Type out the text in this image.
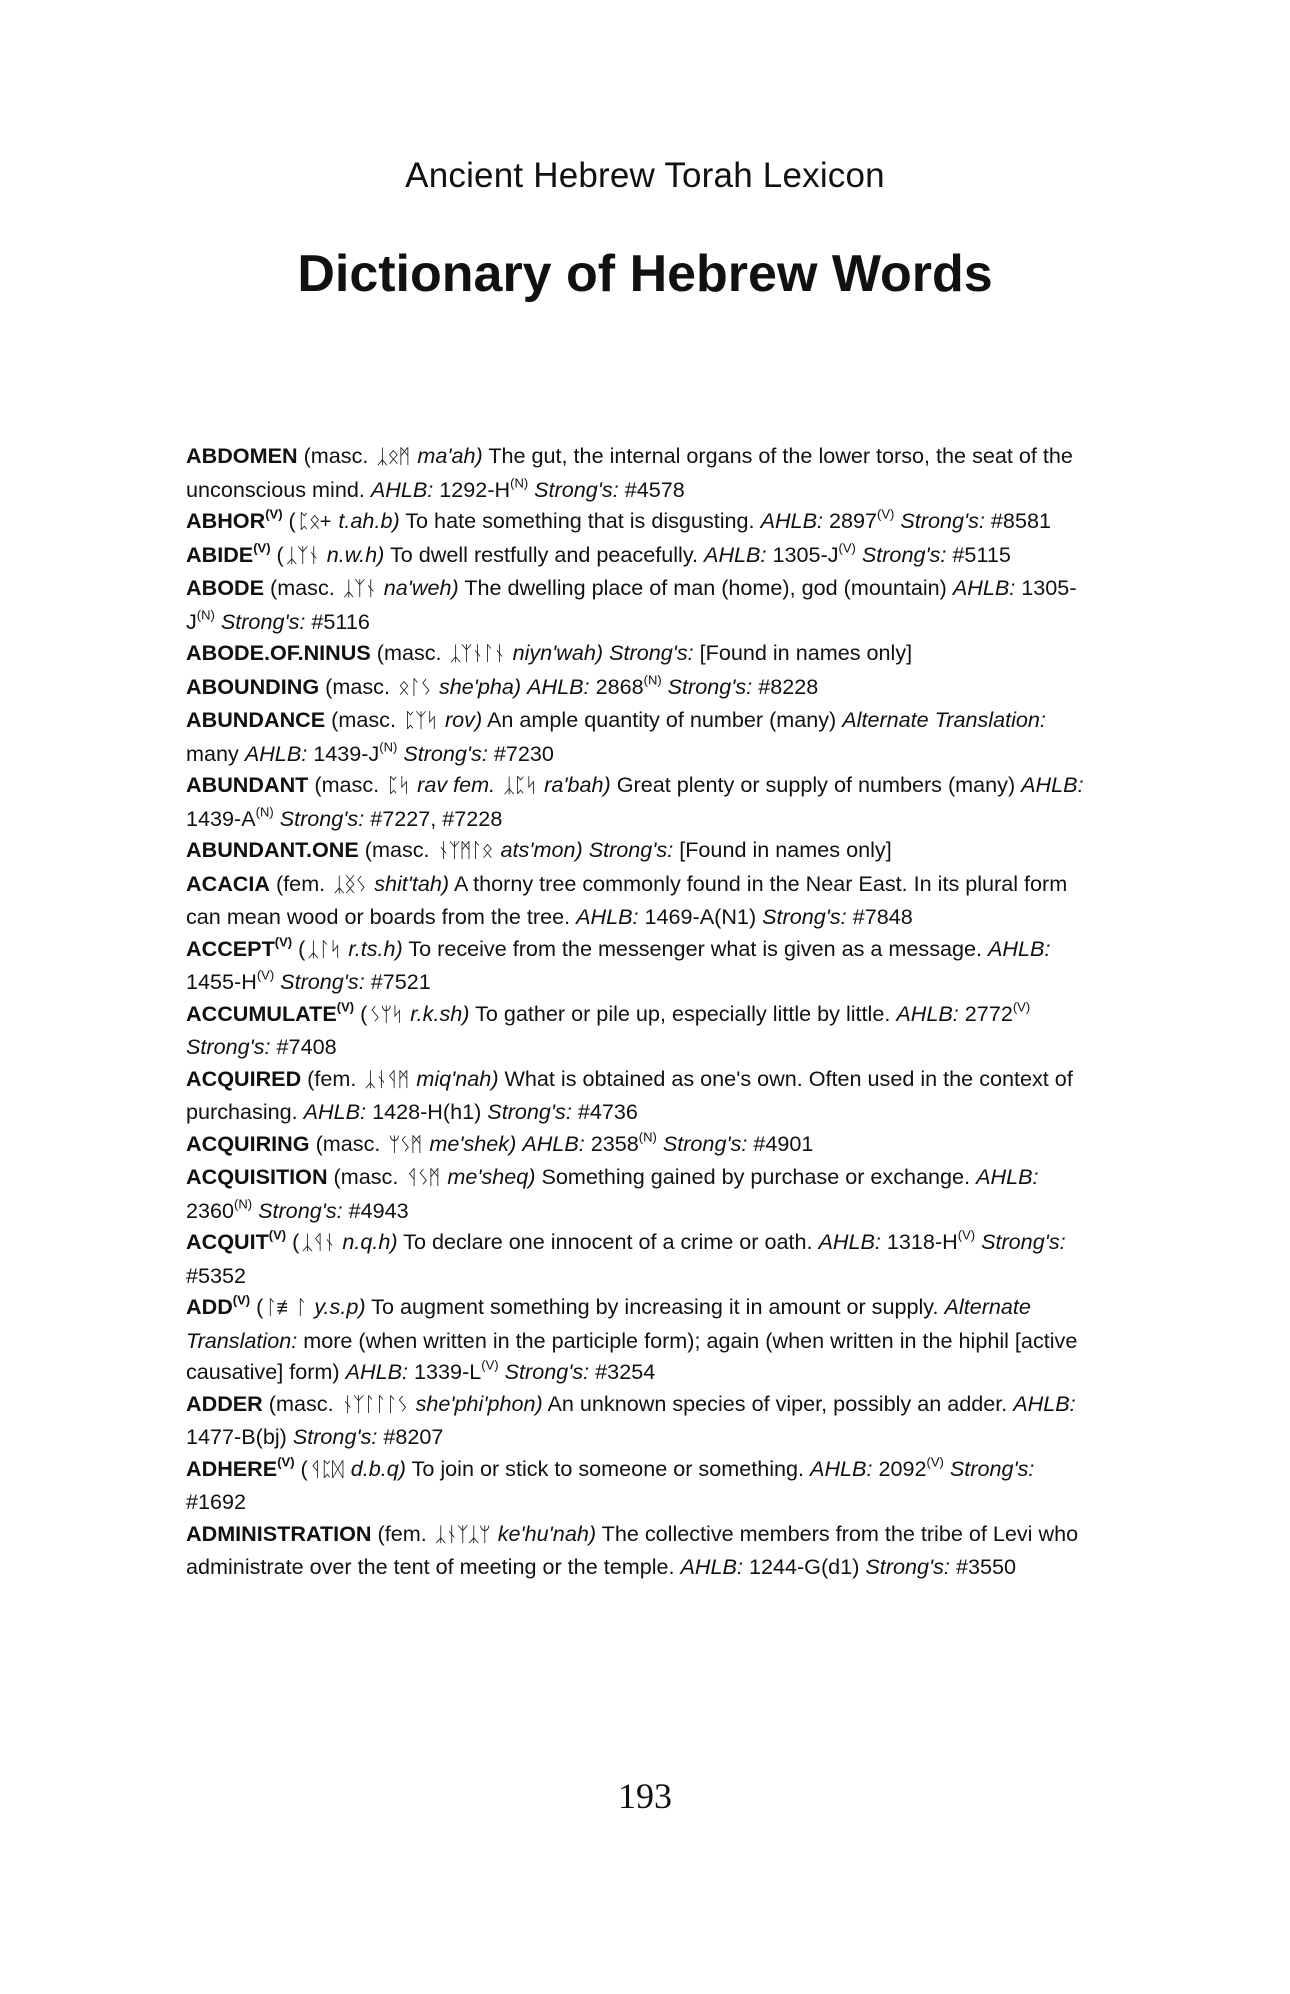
Ancient Hebrew Torah Lexicon
Dictionary of Hebrew Words

ABDOMEN (masc. ᛣᛟᛗ ma'ah) The gut, the internal organs of the lower torso, the seat of the unconscious mind. AHLB: $1292-H^{(N)}$ Strong's: #4578

$ABHOR^{(V)}$ ( ᛈᛟ+ t.ah.b) To hate something that is disgusting. AHLB: $2897^{(V)}$ Strong's: #8581

$ABIDE^{(V)}$ ( ᛣᛉᚾ n.w.h) To dwell restfully and peacefully. AHLB: $1305-J^{(V)}$ Strong's: #5115

ABODE (masc. ᛣᛉᚾ na'weh) The dwelling place of man (home), god (mountain) AHLB: $1305-J^{(N)}$ Strong's: #5116

ABODE.OF.NINUS (masc. ᛣᛉᚾᛚᚾ niyn'wah) Strong's: [Found in names only]

ABOUNDING (masc. ᛟᛚᛊ she'pha) AHLB: $2868^{(N)}$ Strong's: #8228

ABUNDANCE (masc. ᛈᛉᛋ rov) An ample quantity of number (many) Alternate Translation: many AHLB: $1439-J^{(N)}$ Strong's: #7230

ABUNDANT (masc. ᛈᛋ rav fem. ᛣᛈᛋ ra'bah) Great plenty or supply of numbers (many) AHLB: $1439-A^{(N)}$ Strong's: #7227, #7228

ABUNDANT.ONE (masc. ᚾᛉᛗᛚᛟ ats'mon) Strong's: [Found in names only]

ACACIA (fem. ᛣᛝᛊ shit'tah) A thorny tree commonly found in the Near East. In its plural form can mean wood or boards from the tree. AHLB: 1469-A(N1) Strong's: #7848

$ACCEPT^{(V)}$ ( ᛣᛚᛋ r.ts.h) To receive from the messenger what is given as a message. AHLB: $1455-H^{(V)}$ Strong's: #7521

$ACCUMULATE^{(V)}$ ( ᛊᛘᛋ r.k.sh) To gather or pile up, especially little by little. AHLB: $2772^{(V)}$ Strong's: #7408

ACQUIRED (fem. ᛣᚾᛩᛗ miq'nah) What is obtained as one's own. Often used in the context of purchasing. AHLB: 1428-H(h1) Strong's: #4736

ACQUIRING (masc. ᛘᛊᛗ me'shek) AHLB: $2358^{(N)}$ Strong's: #4901

ACQUISITION (masc. ᛩᛊᛗ me'sheq) Something gained by purchase or exchange. AHLB: $2360^{(N)}$ Strong's: #4943

$ACQUIT^{(V)}$ ( ᛣᛩᚾ n.q.h) To declare one innocent of a crime or oath. AHLB: $1318-H^{(V)}$ Strong's: #5352

$ADD^{(V)}$ ( ᛚ≢ᛚ y.s.p) To augment something by increasing it in amount or supply. Alternate Translation: more (when written in the participle form); again (when written in the hiphil [active causative] form) AHLB: $1339-L^{(V)}$ Strong's: #3254

ADDER (masc. ᚾᛉᛚᛚᛚᛊ she'phi'phon) An unknown species of viper, possibly an adder. AHLB: 1477-B(bj) Strong's: #8207

$ADHERE^{(V)}$ ( ᛩᛈᛞ d.b.q) To join or stick to someone or something. AHLB: $2092^{(V)}$ Strong's: #1692

ADMINISTRATION (fem. ᛣᚾᛉᛣᛘ ke'hu'nah) The collective members from the tribe of Levi who administrate over the tent of meeting or the temple. AHLB: 1244-G(d1) Strong's: #3550

193
